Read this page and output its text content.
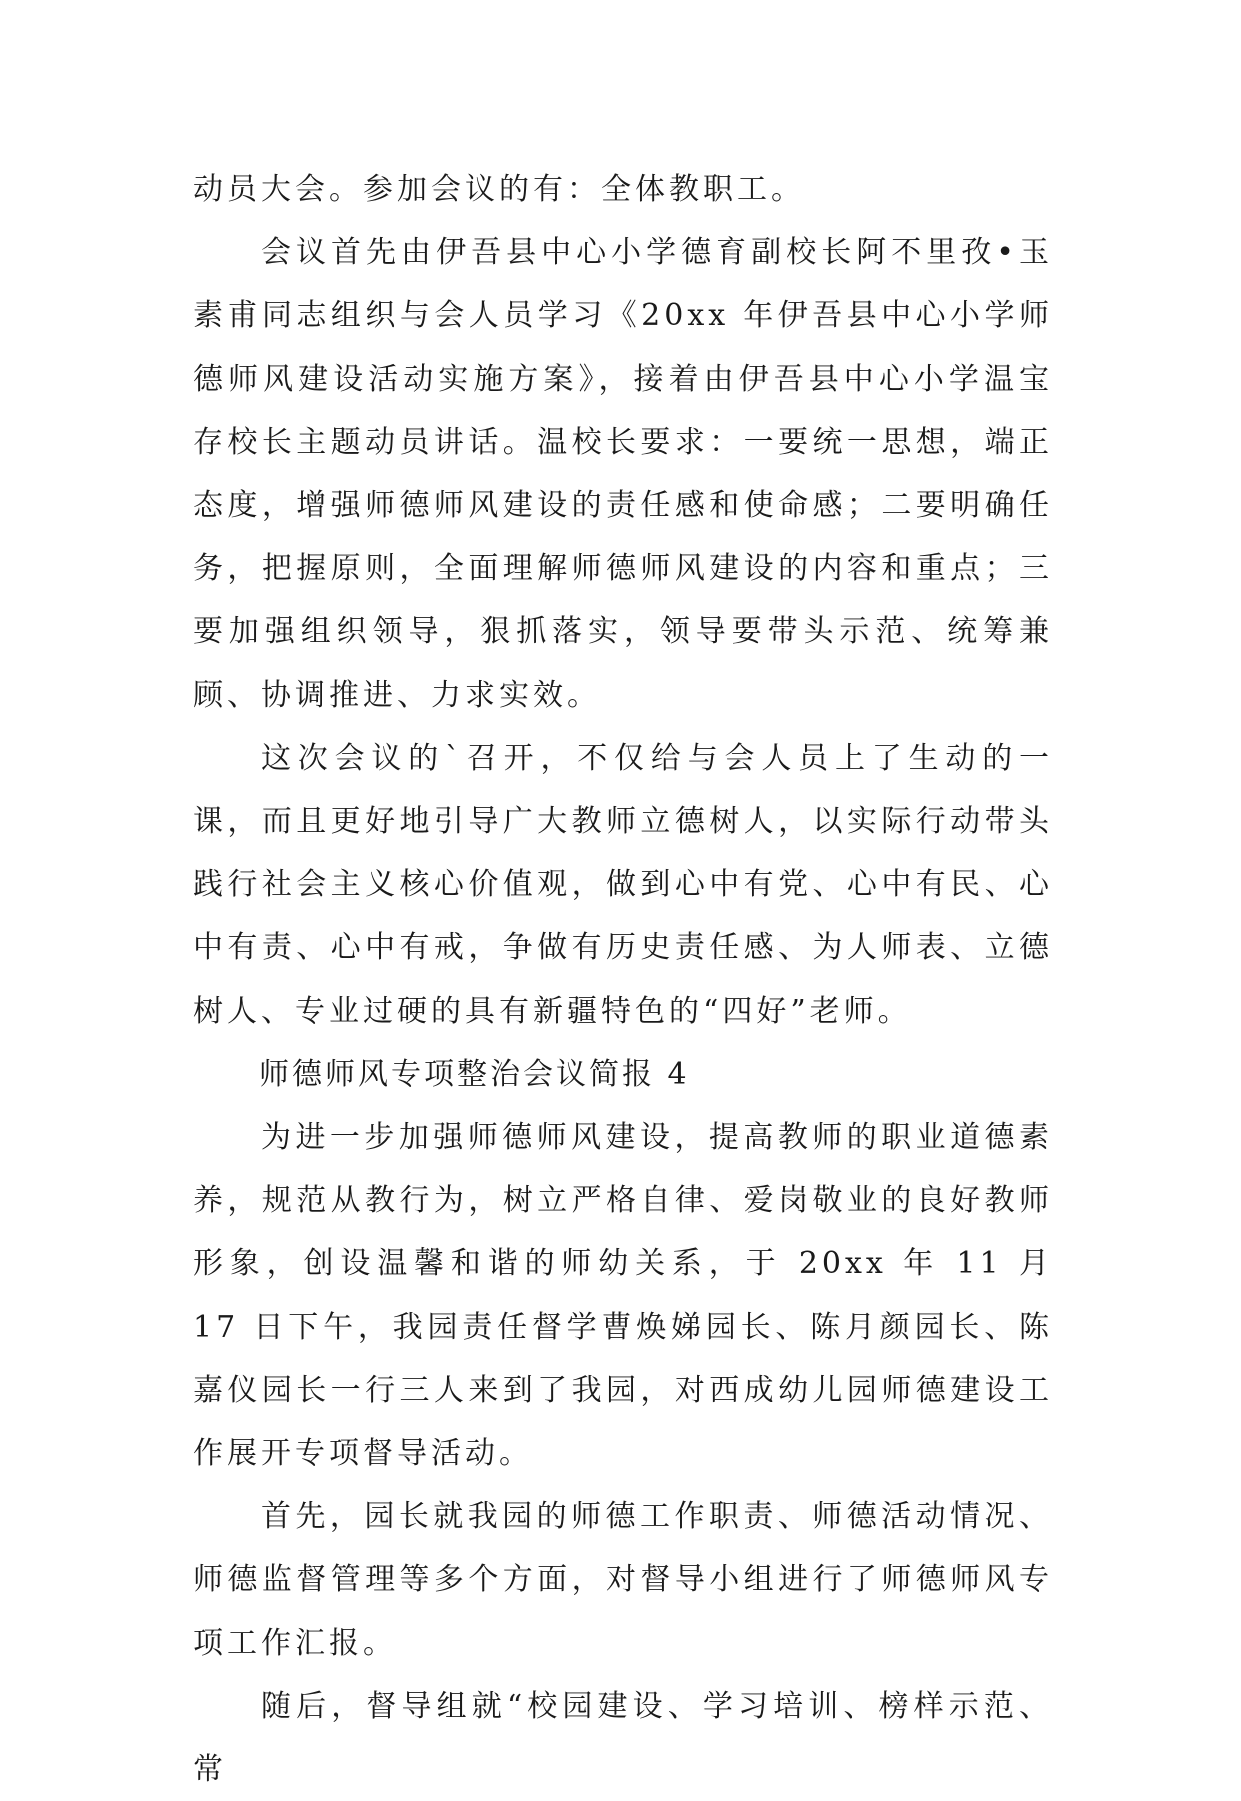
动员大会。参加会议的有：全体教职工。

会议首先由伊吾县中心小学德育副校长阿不里孜•玉素甫同志组织与会人员学习《20xx 年伊吾县中心小学师德师风建设活动实施方案》，接着由伊吾县中心小学温宝存校长主题动员讲话。温校长要求：一要统一思想，端正态度，增强师德师风建设的责任感和使命感；二要明确任务，把握原则，全面理解师德师风建设的内容和重点；三要加强组织领导，狠抓落实，领导要带头示范、统筹兼顾、协调推进、力求实效。

这次会议的`召开，不仅给与会人员上了生动的一课，而且更好地引导广大教师立德树人，以实际行动带头践行社会主义核心价值观，做到心中有党、心中有民、心中有责、心中有戒，争做有历史责任感、为人师表、立德树人、专业过硬的具有新疆特色的“四好”老师。

师德师风专项整治会议简报 4

为进一步加强师德师风建设，提高教师的职业道德素养，规范从教行为，树立严格自律、爱岗敬业的良好教师形象，创设温馨和谐的师幼关系，于 20xx 年 11 月 17 日下午，我园责任督学曹焕娣园长、陈月颜园长、陈嘉仪园长一行三人来到了我园，对西成幼儿园师德建设工作展开专项督导活动。

首先，园长就我园的师德工作职责、师德活动情况、师德监督管理等多个方面，对督导小组进行了师德师风专项工作汇报。

随后，督导组就“校园建设、学习培训、榜样示范、常
